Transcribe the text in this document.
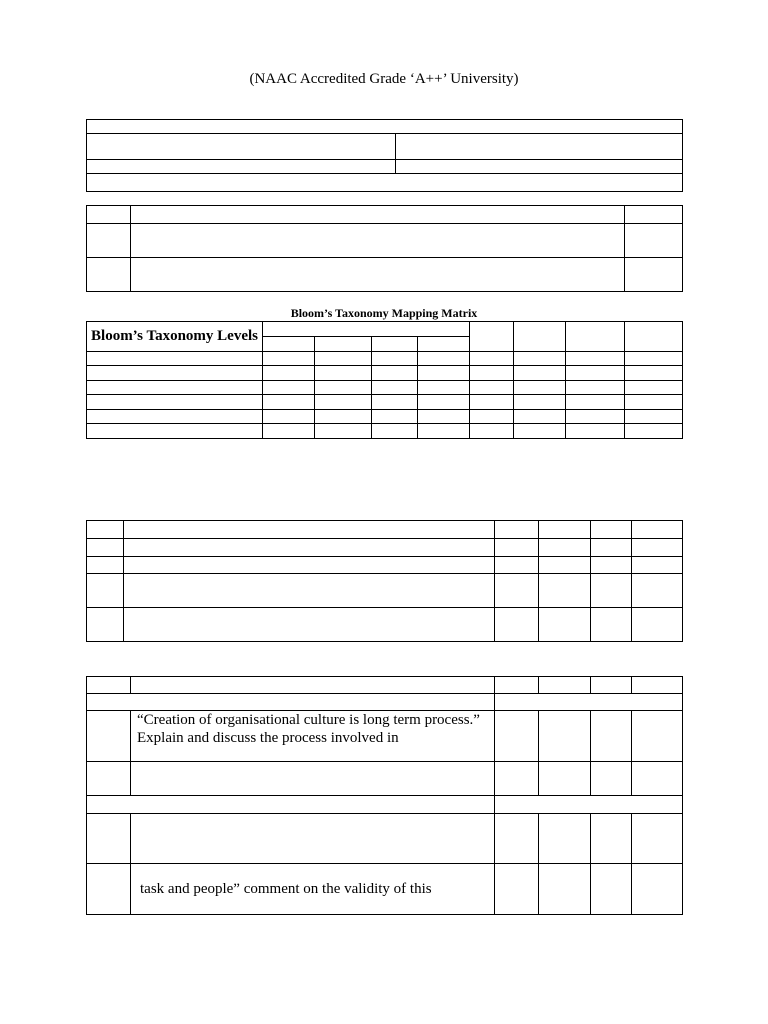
(NAAC Accredited Grade ‘A++’ University)

Bloom’s Taxonomy Mapping Matrix
Bloom’s Taxonomy Levels								

	“Creation of organisational culture is long term process.” Explain and discuss the process involved in				

	task and people” comment on the validity of this				
